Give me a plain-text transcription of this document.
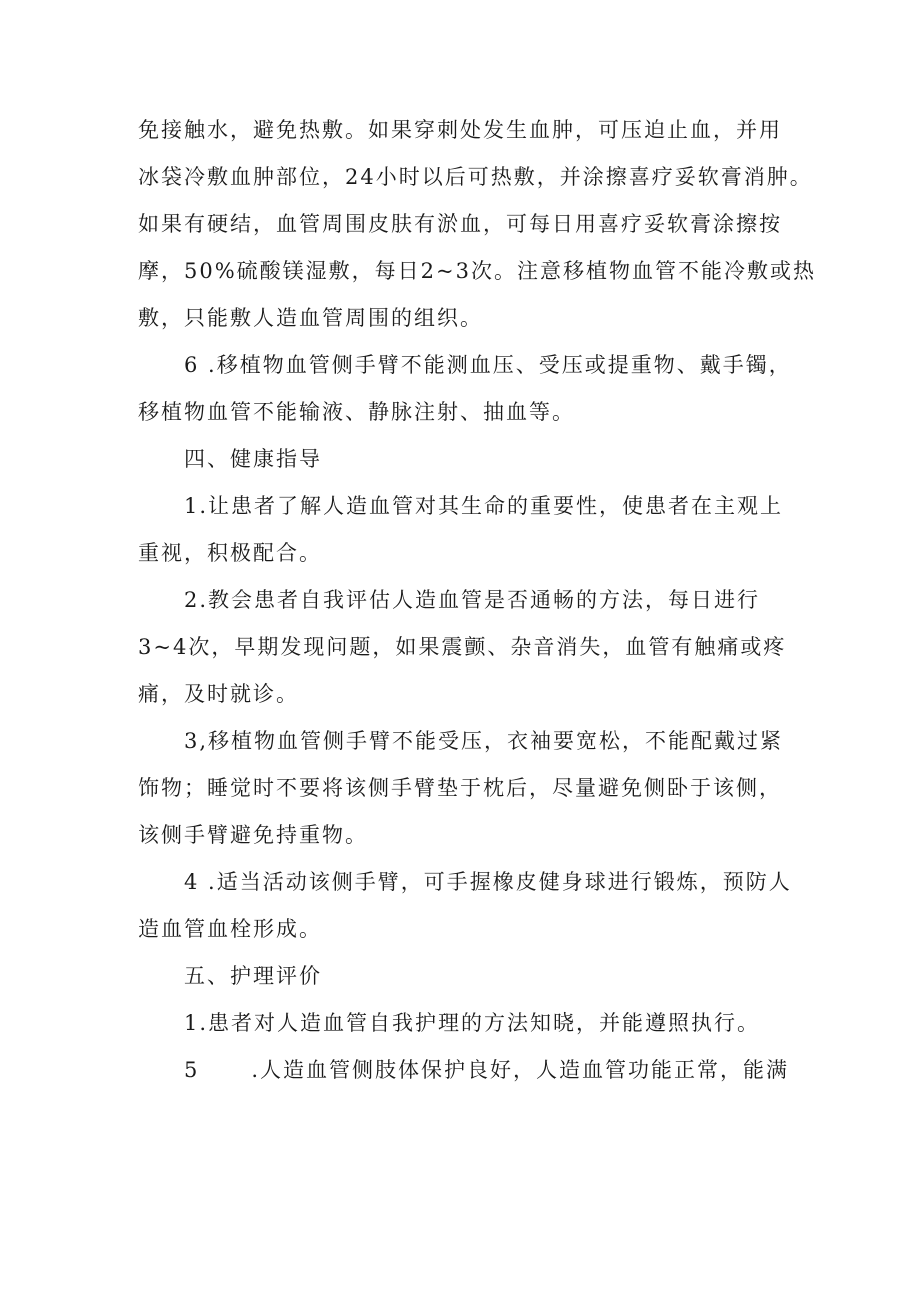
免接触水，避免热敷。如果穿刺处发生血肿，可压迫止血，并用
冰袋冷敷血肿部位，24小时以后可热敷，并涂擦喜疗妥软膏消肿。
如果有硬结，血管周围皮肤有淤血，可每日用喜疗妥软膏涂擦按
摩，50%硫酸镁湿敷，每日2~3次。注意移植物血管不能冷敷或热
敷，只能敷人造血管周围的组织。
6 .移植物血管侧手臂不能测血压、受压或提重物、戴手镯，
移植物血管不能输液、静脉注射、抽血等。
四、健康指导
1.让患者了解人造血管对其生命的重要性，使患者在主观上
重视，积极配合。
2.教会患者自我评估人造血管是否通畅的方法，每日进行
3~4次，早期发现问题，如果震颤、杂音消失，血管有触痛或疼
痛，及时就诊。
3,移植物血管侧手臂不能受压，衣袖要宽松，不能配戴过紧
饰物；睡觉时不要将该侧手臂垫于枕后，尽量避免侧卧于该侧，
该侧手臂避免持重物。
4 .适当活动该侧手臂，可手握橡皮健身球进行锻炼，预防人
造血管血栓形成。
五、护理评价
1.患者对人造血管自我护理的方法知晓，并能遵照执行。
5 .人造血管侧肢体保护良好，人造血管功能正常，能满
